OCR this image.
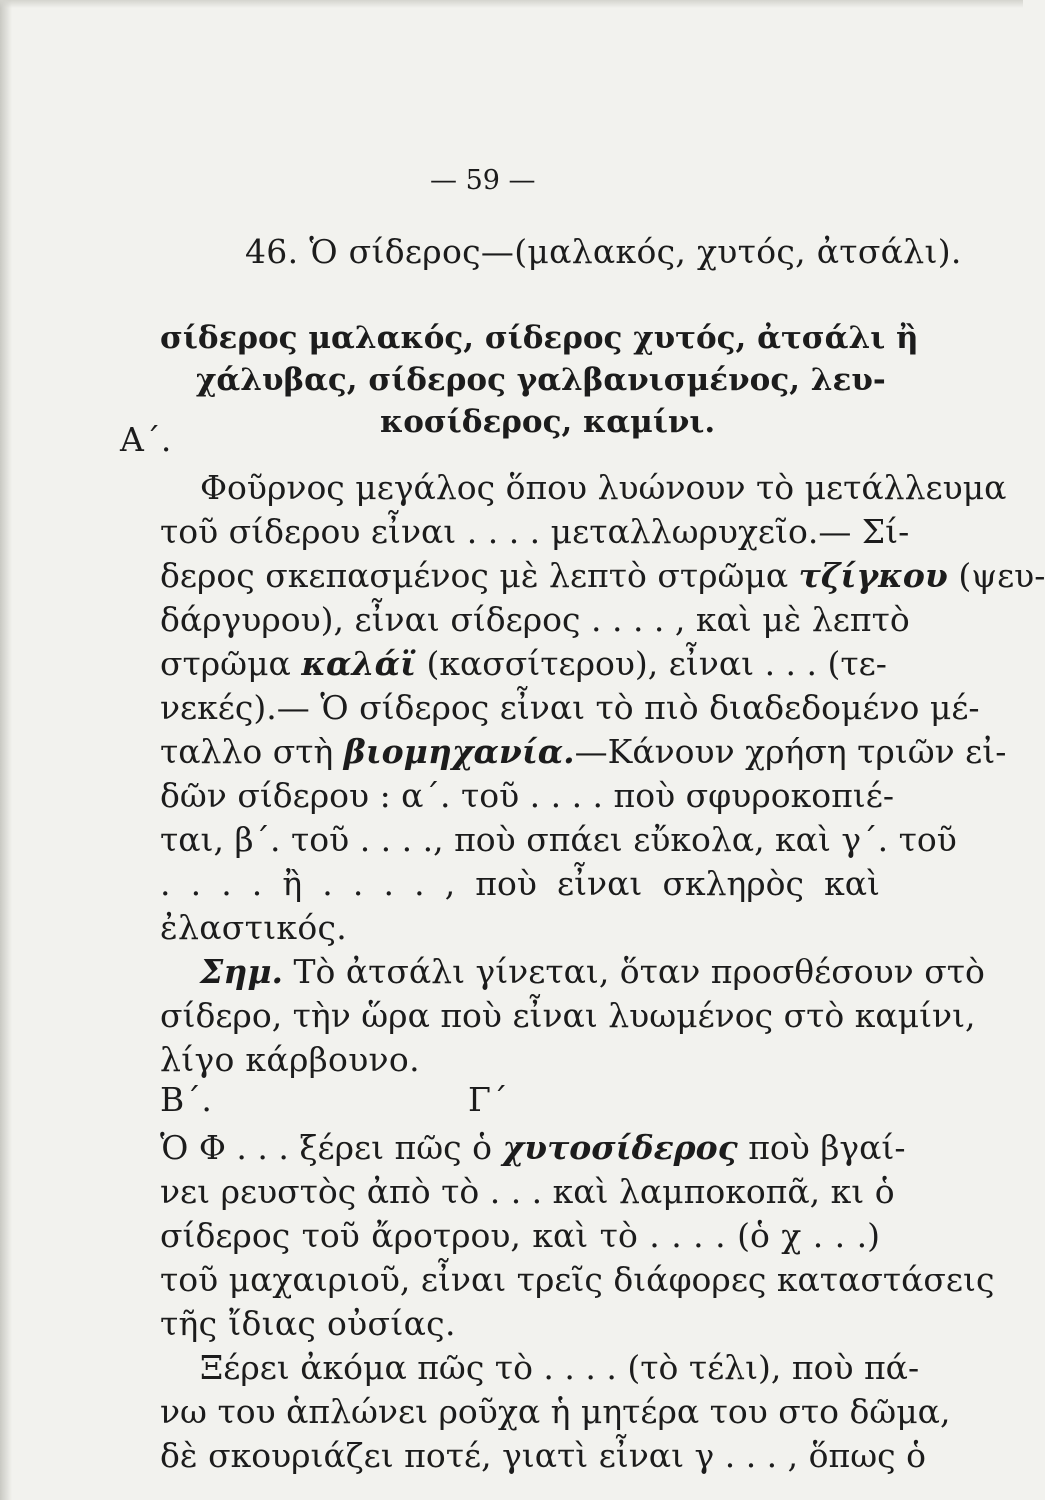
— 59 —
46. Ὁ σίδερος—(μαλακός, χυτός, ἀτσάλι).
σίδερος μαλακός, σίδερος χυτός, ἀτσάλι ἢ
χάλυβας, σίδερος γαλβανισμένος, λευ-
κοσίδερος, καμίνι.
Α΄.
Φοῦρνος μεγάλος ὅπου λυώνουν τὸ μετάλλευμα
τοῦ σίδερου εἶναι . . . . μεταλλωρυχεῖο.— Σί-
δερος σκεπασμένος μὲ λεπτὸ στρῶμα τζίγκου (ψευ-
δάργυρου), εἶναι σίδερος . . . . , καὶ μὲ λεπτὸ
στρῶμα καλάϊ (κασσίτερου), εἶναι . . . (τε-
νεκές).— Ὁ σίδερος εἶναι τὸ πιὸ διαδεδομένο μέ-
ταλλο στὴ βιομηχανία.—Κάνουν χρήση τριῶν εἰ-
δῶν σίδερου : α΄. τοῦ . . . . ποὺ σφυροκοπιέ-
ται, β΄. τοῦ . . . ., ποὺ σπάει εὔκολα, καὶ γ΄. τοῦ
. . . . ἢ . . . . , ποὺ εἶναι σκληρὸς καὶ
ἐλαστικός.
Σημ. Τὸ ἀτσάλι γίνεται, ὅταν προσθέσουν στὸ
σίδερο, τὴν ὥρα ποὺ εἶναι λυωμένος στὸ καμίνι,
λίγο κάρβουνο.
Β΄.	Γ΄
Ὁ Φ . . . ξέρει πῶς ὁ χυτοσίδερος ποὺ βγαί-
νει ρευστὸς ἀπὸ τὸ . . . καὶ λαμποκοπᾶ, κι ὁ
σίδερος τοῦ ἄροτρου, καὶ τὸ . . . . (ὁ χ . . .)
τοῦ μαχαιριοῦ, εἶναι τρεῖς διάφορες καταστάσεις
τῆς ἴδιας οὐσίας.
Ξέρει ἀκόμα πῶς τὸ . . . . (τὸ τέλι), ποὺ πά-
νω του ἁπλώνει ροῦχα ἡ μητέρα του στο δῶμα,
δὲ σκουριάζει ποτέ, γιατὶ εἶναι γ . . . , ὅπως ὁ
